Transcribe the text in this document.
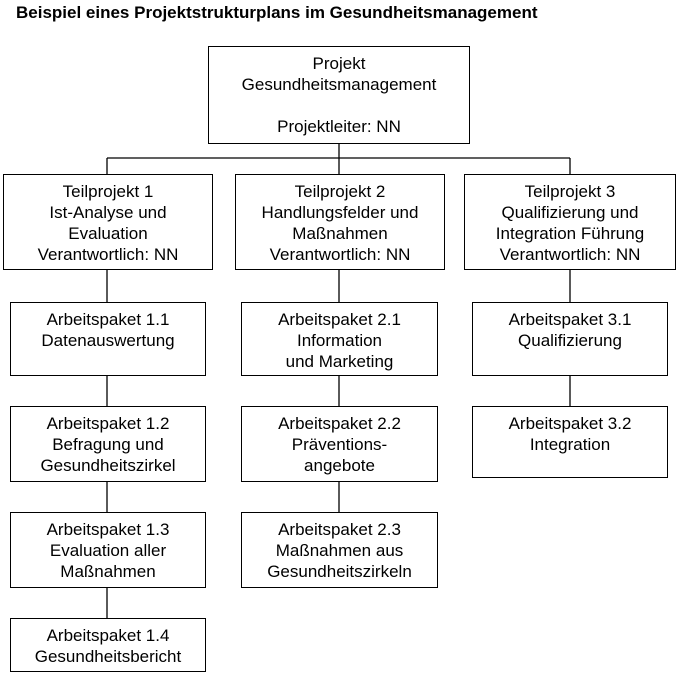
Beispiel eines Projektstrukturplans im Gesundheitsmanagement
Projekt
Gesundheitsmanagement
Projektleiter: NN
Teilprojekt 1
Ist-Analyse und
Evaluation
Verantwortlich: NN
Teilprojekt 2
Handlungsfelder und
Maßnahmen
Verantwortlich: NN
Teilprojekt 3
Qualifizierung und
Integration Führung
Verantwortlich: NN
Arbeitspaket 1.1
Datenauswertung
Arbeitspaket 1.2
Befragung und
Gesundheitszirkel
Arbeitspaket 1.3
Evaluation aller
Maßnahmen
Arbeitspaket 1.4
Gesundheitsbericht
Arbeitspaket 2.1
Information
und Marketing
Arbeitspaket 2.2
Präventions-
angebote
Arbeitspaket 2.3
Maßnahmen aus
Gesundheitszirkeln
Arbeitspaket 3.1
Qualifizierung
Arbeitspaket 3.2
Integration
